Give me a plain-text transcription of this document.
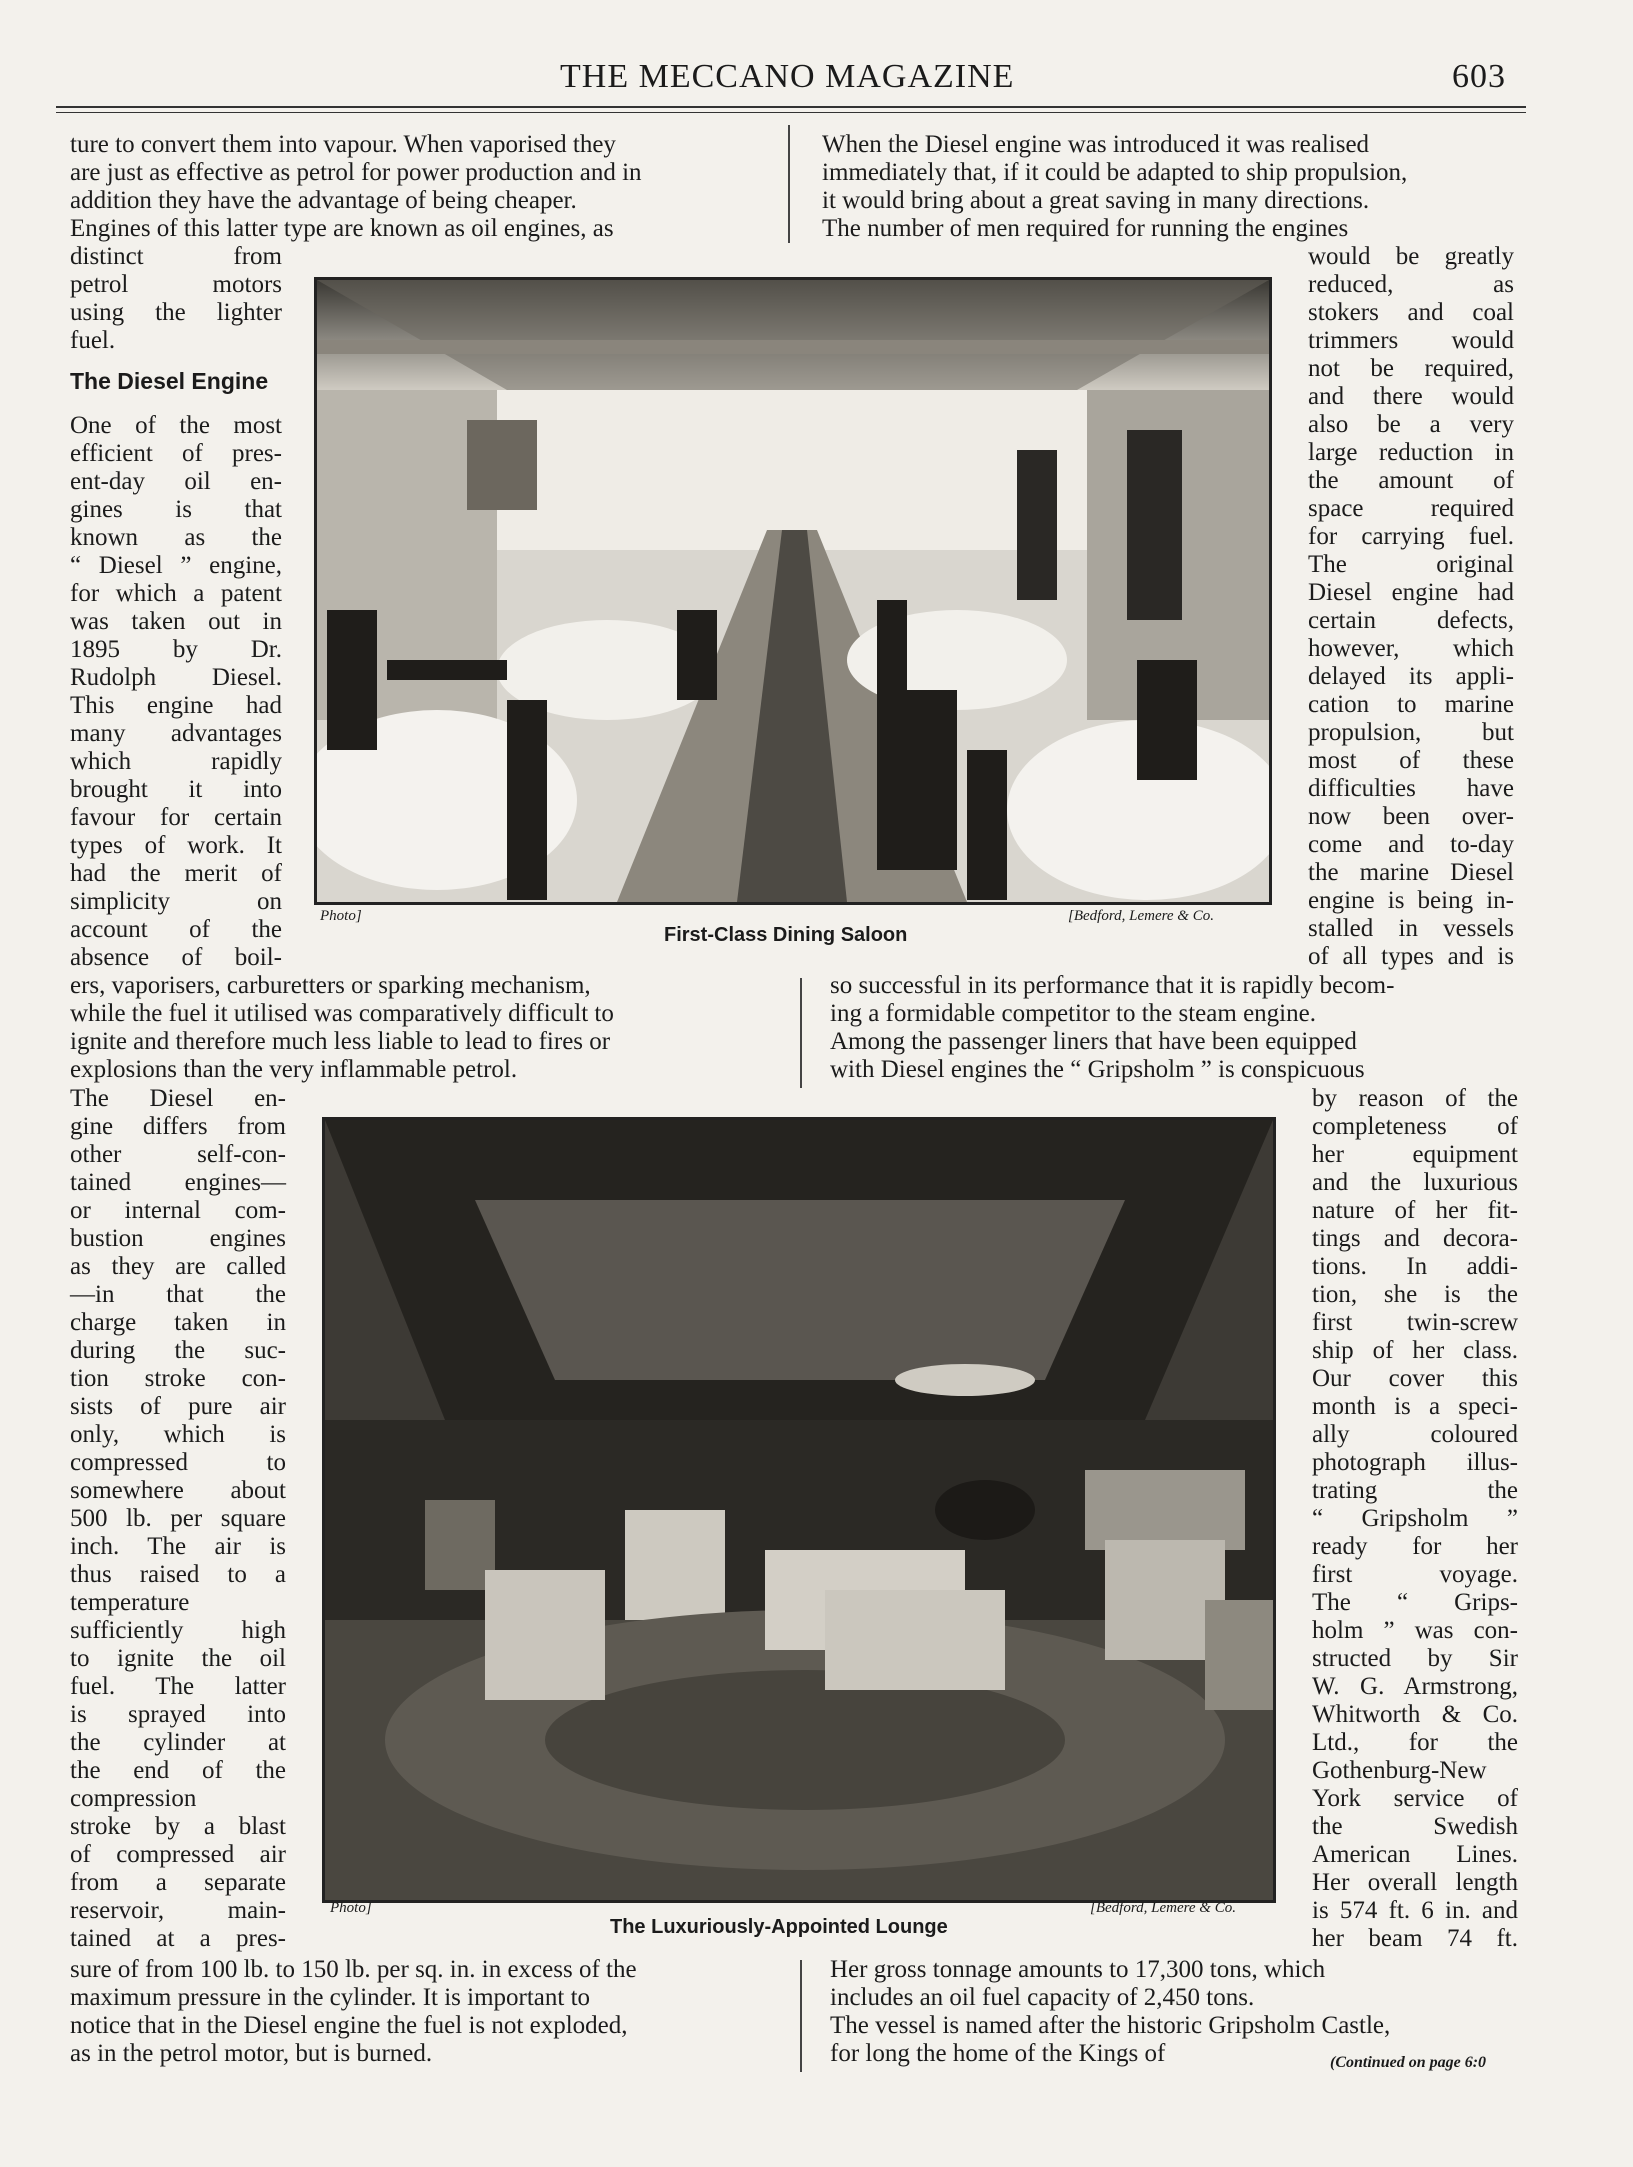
THE MECCANO MAGAZINE	603
ture to convert them into vapour. When vaporised they
are just as effective as petrol for power production and in
addition they have the advantage of being cheaper.
Engines of this latter type are known as oil engines, as
distinct from
petrol motors
using the lighter
fuel.
The Diesel Engine
One of the most
efficient of pres-
ent-day oil en-
gines is that
known as the
“ Diesel ” engine,
for which a patent
was taken out in
1895 by Dr.
Rudolph Diesel.
This engine had
many advantages
which rapidly
brought it into
favour for certain
types of work. It
had the merit of
simplicity on
account of the
absence of boil-
ers, vaporisers, carburetters or sparking mechanism,
while the fuel it utilised was comparatively difficult to
ignite and therefore much less liable to lead to fires or
explosions than the very inflammable petrol.
The Diesel en-
gine differs from
other self-con-
tained engines—
or internal com-
bustion engines
as they are called
—in that the
charge taken in
during the suc-
tion stroke con-
sists of pure air
only, which is
compressed to
somewhere about
500 lb. per square
inch. The air is
thus raised to a
temperature
sufficiently high
to ignite the oil
fuel. The latter
is sprayed into
the cylinder at
the end of the
compression
stroke by a blast
of compressed air
from a separate
reservoir, main-
tained at a pres-
sure of from 100 lb. to 150 lb. per sq. in. in excess of the
maximum pressure in the cylinder. It is important to
notice that in the Diesel engine the fuel is not exploded,
as in the petrol motor, but is burned.
When the Diesel engine was introduced it was realised
immediately that, if it could be adapted to ship propulsion,
it would bring about a great saving in many directions.
The number of men required for running the engines
would be greatly
reduced, as
stokers and coal
trimmers would
not be required,
and there would
also be a very
large reduction in
the amount of
space required
for carrying fuel.
The original
Diesel engine had
certain defects,
however, which
delayed its appli-
cation to marine
propulsion, but
most of these
difficulties have
now been over-
come and to-day
the marine Diesel
engine is being in-
stalled in vessels
of all types and is
so successful in its performance that it is rapidly becom-
ing a formidable competitor to the steam engine.
Among the passenger liners that have been equipped
with Diesel engines the “ Gripsholm ” is conspicuous
by reason of the
completeness of
her equipment
and the luxurious
nature of her fit-
tings and decora-
tions. In addi-
tion, she is the
first twin-screw
ship of her class.
Our cover this
month is a speci-
ally coloured
photograph illus-
trating the
“ Gripsholm ”
ready for her
first voyage.
The “ Grips-
holm ” was con-
structed by Sir
W. G. Armstrong,
Whitworth & Co.
Ltd., for the
Gothenburg-New
York service of
the Swedish
American Lines.
Her overall length
is 574 ft. 6 in. and
her beam 74 ft.
Her gross tonnage amounts to 17,300 tons, which
includes an oil fuel capacity of 2,450 tons.
The vessel is named after the historic Gripsholm Castle,
for long the home of the Kings of	(Continued on page 6:0
Photo]	[Bedford, Lemere & Co.
First-Class Dining Saloon
Photo]	[Bedford, Lemere & Co.
The Luxuriously-Appointed Lounge
